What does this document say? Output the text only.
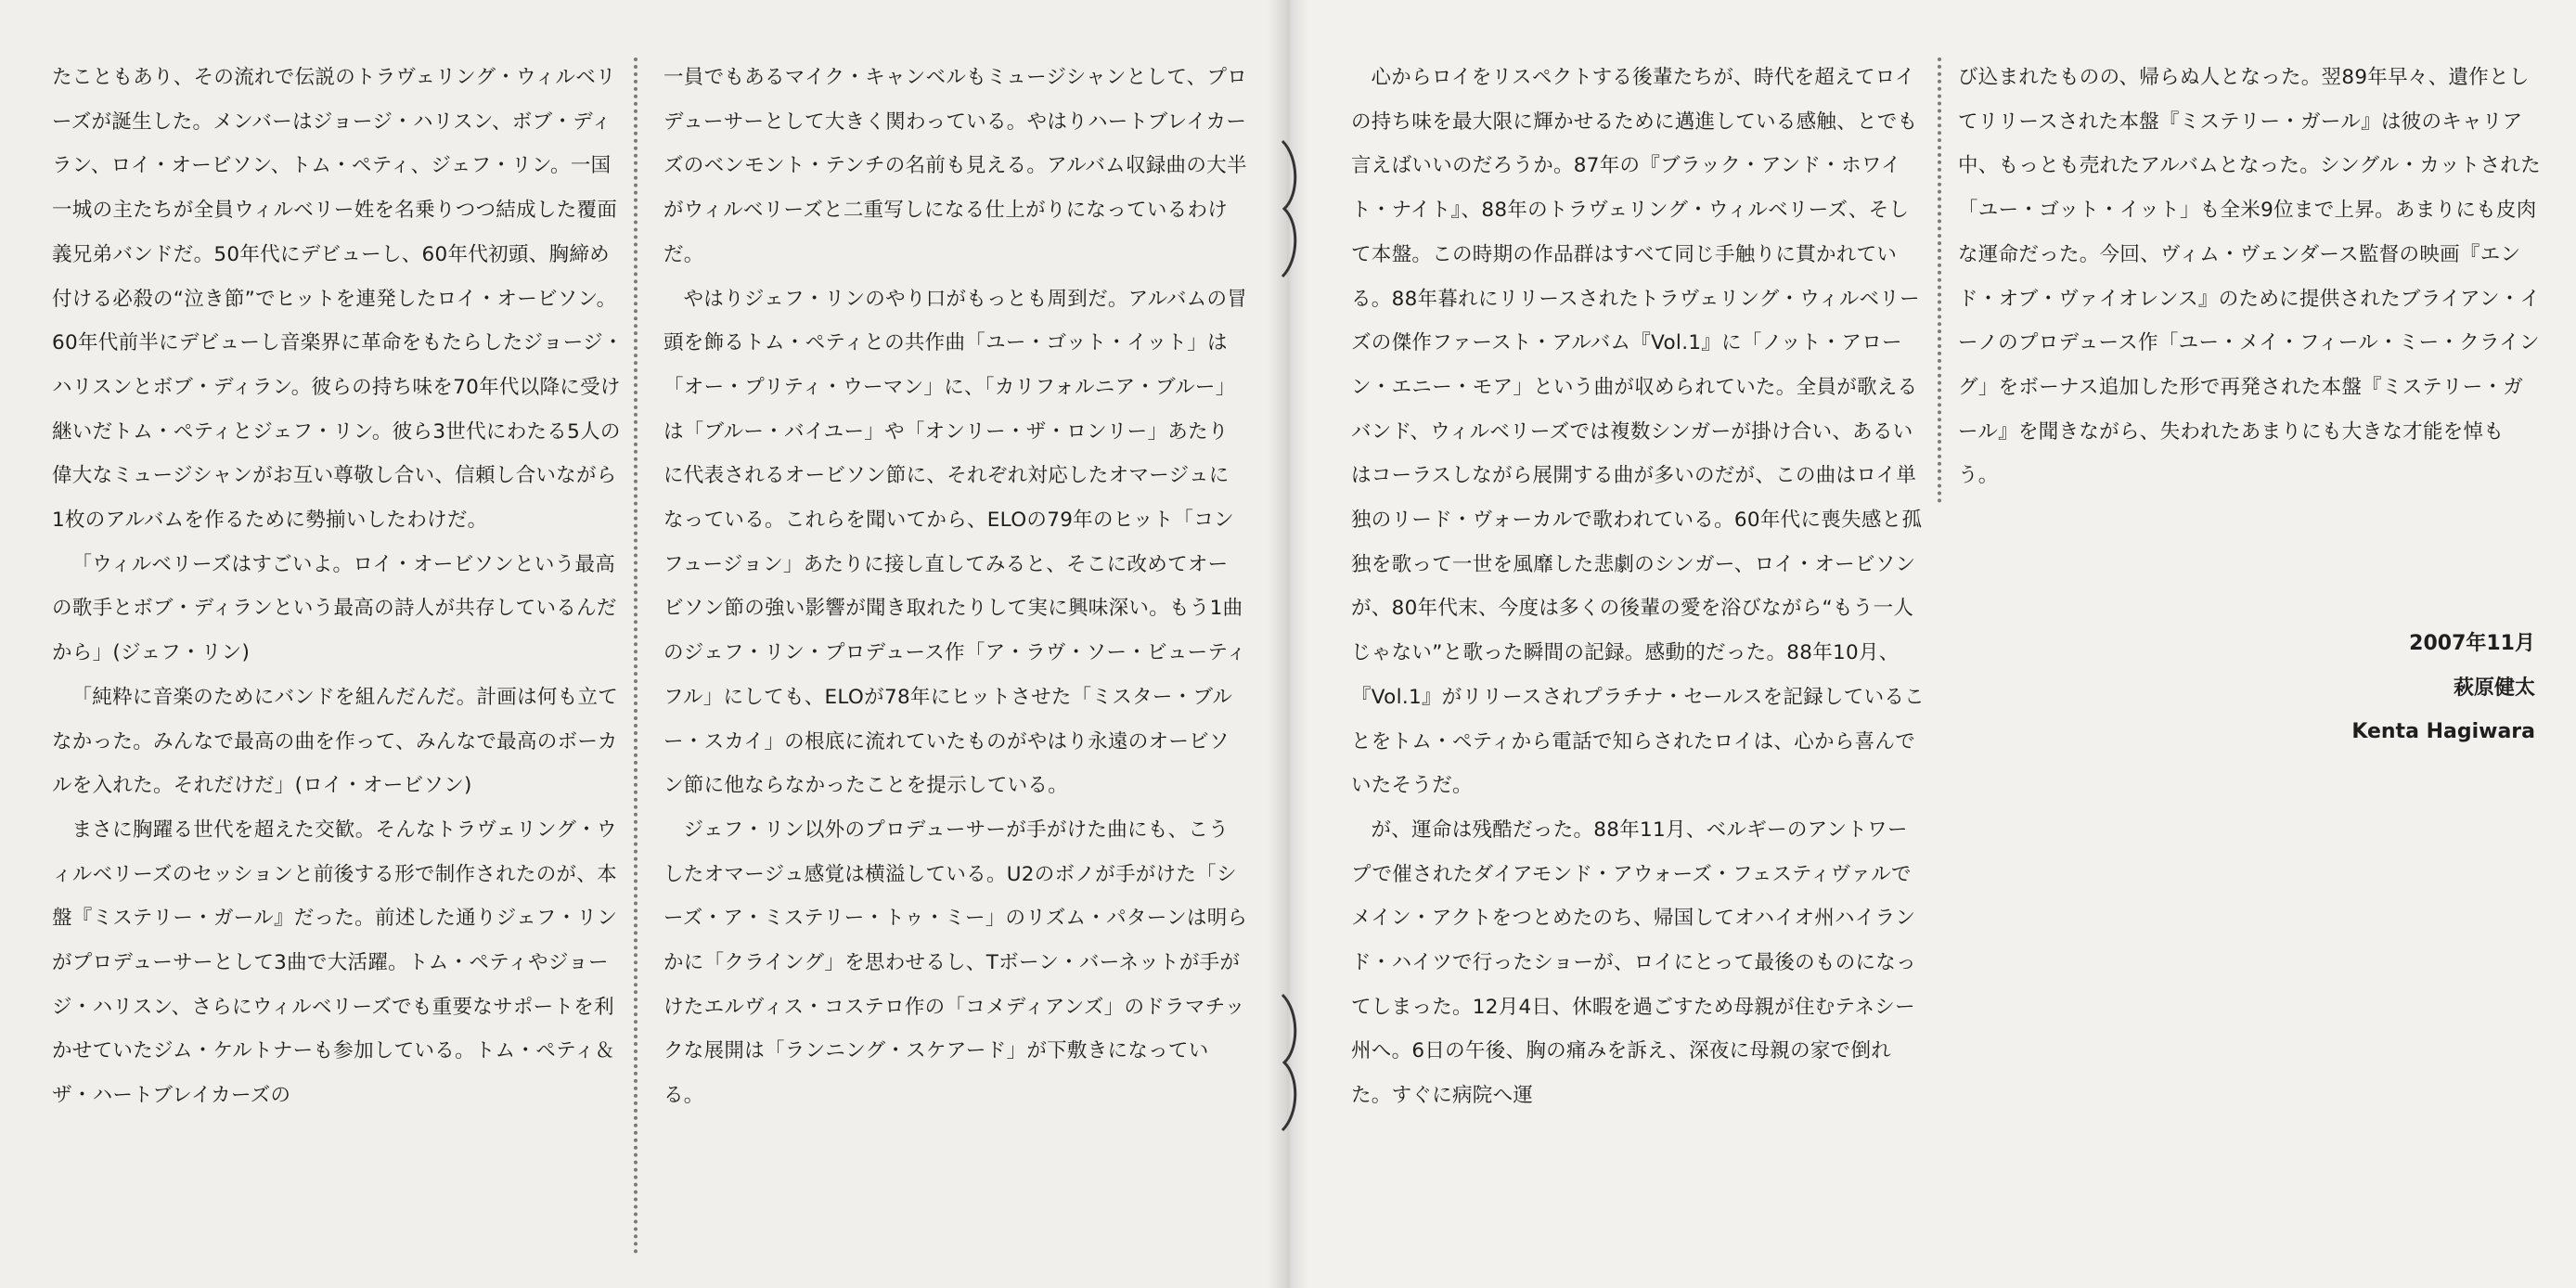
たこともあり、その流れで伝説のトラヴェリング・ウィルベリーズが誕生した。メンバーはジョージ・ハリスン、ボブ・ディラン、ロイ・オービソン、トム・ペティ、ジェフ・リン。一国一城の主たちが全員ウィルベリー姓を名乗りつつ結成した覆面義兄弟バンドだ。50年代にデビューし、60年代初頭、胸締め付ける必殺の“泣き節”でヒットを連発したロイ・オービソン。60年代前半にデビューし音楽界に革命をもたらしたジョージ・ハリスンとボブ・ディラン。彼らの持ち味を70年代以降に受け継いだトム・ペティとジェフ・リン。彼ら3世代にわたる5人の偉大なミュージシャンがお互い尊敬し合い、信頼し合いながら1枚のアルバムを作るために勢揃いしたわけだ。

「ウィルベリーズはすごいよ。ロイ・オービソンという最高の歌手とボブ・ディランという最高の詩人が共存しているんだから」(ジェフ・リン)

「純粋に音楽のためにバンドを組んだんだ。計画は何も立てなかった。みんなで最高の曲を作って、みんなで最高のボーカルを入れた。それだけだ」(ロイ・オービソン)

まさに胸躍る世代を超えた交歓。そんなトラヴェリング・ウィルベリーズのセッションと前後する形で制作されたのが、本盤『ミステリー・ガール』だった。前述した通りジェフ・リンがプロデューサーとして3曲で大活躍。トム・ペティやジョージ・ハリスン、さらにウィルベリーズでも重要なサポートを利かせていたジム・ケルトナーも参加している。トム・ペティ＆ザ・ハートブレイカーズの

一員でもあるマイク・キャンベルもミュージシャンとして、プロデューサーとして大きく関わっている。やはりハートブレイカーズのベンモント・テンチの名前も見える。アルバム収録曲の大半がウィルベリーズと二重写しになる仕上がりになっているわけだ。

やはりジェフ・リンのやり口がもっとも周到だ。アルバムの冒頭を飾るトム・ペティとの共作曲「ユー・ゴット・イット」は「オー・プリティ・ウーマン」に、「カリフォルニア・ブルー」は「ブルー・バイユー」や「オンリー・ザ・ロンリー」あたりに代表されるオービソン節に、それぞれ対応したオマージュになっている。これらを聞いてから、ELOの79年のヒット「コンフュージョン」あたりに接し直してみると、そこに改めてオービソン節の強い影響が聞き取れたりして実に興味深い。もう1曲のジェフ・リン・プロデュース作「ア・ラヴ・ソー・ビューティフル」にしても、ELOが78年にヒットさせた「ミスター・ブルー・スカイ」の根底に流れていたものがやはり永遠のオービソン節に他ならなかったことを提示している。

ジェフ・リン以外のプロデューサーが手がけた曲にも、こうしたオマージュ感覚は横溢している。U2のボノが手がけた「シーズ・ア・ミステリー・トゥ・ミー」のリズム・パターンは明らかに「クライング」を思わせるし、Tボーン・バーネットが手がけたエルヴィス・コステロ作の「コメディアンズ」のドラマチックな展開は「ランニング・スケアード」が下敷きになっている。

心からロイをリスペクトする後輩たちが、時代を超えてロイの持ち味を最大限に輝かせるために邁進している感触、とでも言えばいいのだろうか。87年の『ブラック・アンド・ホワイト・ナイト』、88年のトラヴェリング・ウィルベリーズ、そして本盤。この時期の作品群はすべて同じ手触りに貫かれている。88年暮れにリリースされたトラヴェリング・ウィルベリーズの傑作ファースト・アルバム『Vol.1』に「ノット・アローン・エニー・モア」という曲が収められていた。全員が歌えるバンド、ウィルベリーズでは複数シンガーが掛け合い、あるいはコーラスしながら展開する曲が多いのだが、この曲はロイ単独のリード・ヴォーカルで歌われている。60年代に喪失感と孤独を歌って一世を風靡した悲劇のシンガー、ロイ・オービソンが、80年代末、今度は多くの後輩の愛を浴びながら“もう一人じゃない”と歌った瞬間の記録。感動的だった。88年10月、『Vol.1』がリリースされプラチナ・セールスを記録していることをトム・ペティから電話で知らされたロイは、心から喜んでいたそうだ。

が、運命は残酷だった。88年11月、ベルギーのアントワープで催されたダイアモンド・アウォーズ・フェスティヴァルでメイン・アクトをつとめたのち、帰国してオハイオ州ハイランド・ハイツで行ったショーが、ロイにとって最後のものになってしまった。12月4日、休暇を過ごすため母親が住むテネシー州へ。6日の午後、胸の痛みを訴え、深夜に母親の家で倒れた。すぐに病院へ運

び込まれたものの、帰らぬ人となった。翌89年早々、遺作としてリリースされた本盤『ミステリー・ガール』は彼のキャリア中、もっとも売れたアルバムとなった。シングル・カットされた「ユー・ゴット・イット」も全米9位まで上昇。あまりにも皮肉な運命だった。今回、ヴィム・ヴェンダース監督の映画『エンド・オブ・ヴァイオレンス』のために提供されたブライアン・イーノのプロデュース作「ユー・メイ・フィール・ミー・クライング」をボーナス追加した形で再発された本盤『ミステリー・ガール』を聞きながら、失われたあまりにも大きな才能を悼もう。

2007年11月
萩原健太
Kenta Hagiwara
